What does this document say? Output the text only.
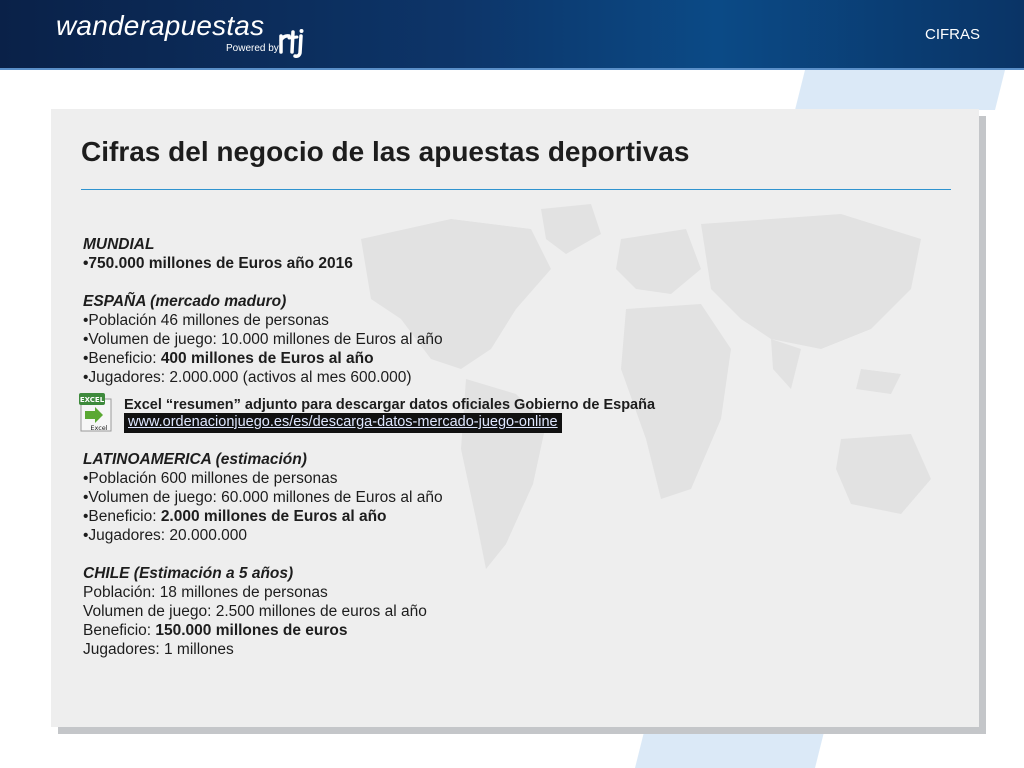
wanderapuestas
Powered by
CIFRAS
Cifras del negocio de las apuestas deportivas
MUNDIAL
•750.000 millones de Euros año 2016
ESPAÑA (mercado maduro)
•Población 46 millones de personas
•Volumen de juego: 10.000 millones de Euros al año
•Beneficio: 400 millones de Euros al año
•Jugadores: 2.000.000 (activos al mes 600.000)
EXCEL
Excel
Excel “resumen” adjunto para descargar datos oficiales Gobierno de España
www.ordenacionjuego.es/es/descarga-datos-mercado-juego-online
LATINOAMERICA (estimación)
•Población 600 millones de personas
•Volumen de juego: 60.000 millones de Euros al año
•Beneficio: 2.000 millones de Euros al año
•Jugadores: 20.000.000
CHILE (Estimación a 5 años)
Población: 18 millones de personas
Volumen de juego: 2.500 millones de euros al año
Beneficio: 150.000 millones de euros
Jugadores: 1 millones
